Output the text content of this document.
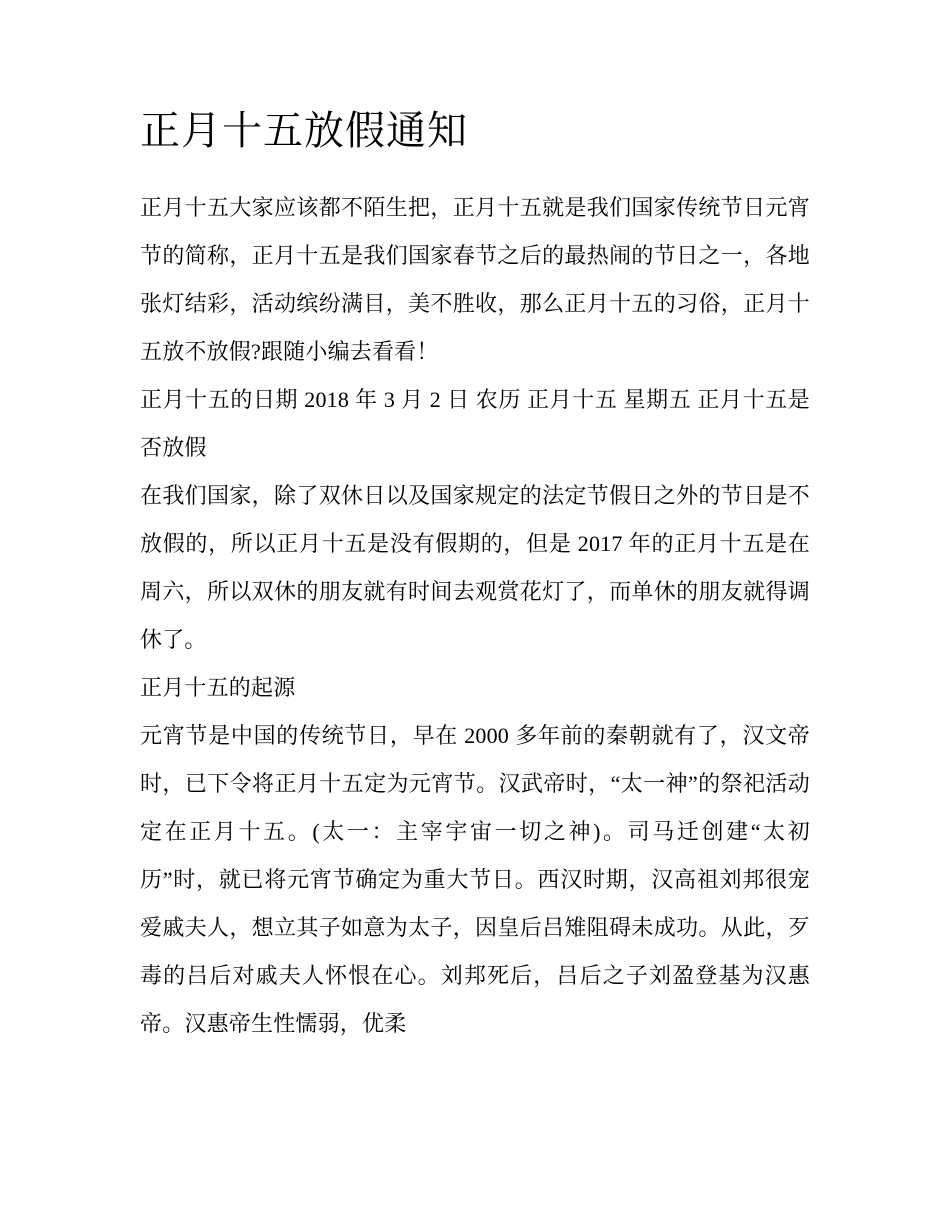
正月十五放假通知

正月十五大家应该都不陌生把，正月十五就是我们国家传统节日元宵节的简称，正月十五是我们国家春节之后的最热闹的节日之一，各地张灯结彩，活动缤纷满目，美不胜收，那么正月十五的习俗，正月十五放不放假?跟随小编去看看！

正月十五的日期 2018 年 3 月 2 日 农历 正月十五 星期五 正月十五是否放假

在我们国家，除了双休日以及国家规定的法定节假日之外的节日是不放假的，所以正月十五是没有假期的，但是 2017 年的正月十五是在周六，所以双休的朋友就有时间去观赏花灯了，而单休的朋友就得调休了。

正月十五的起源

元宵节是中国的传统节日，早在 2000 多年前的秦朝就有了，汉文帝时，已下令将正月十五定为元宵节。汉武帝时，“太一神”的祭祀活动定在正月十五。(太一：主宰宇宙一切之神)。司马迁创建“太初历”时，就已将元宵节确定为重大节日。西汉时期，汉高祖刘邦很宠爱戚夫人，想立其子如意为太子，因皇后吕雉阻碍未成功。从此，歹毒的吕后对戚夫人怀恨在心。刘邦死后，吕后之子刘盈登基为汉惠帝。汉惠帝生性懦弱，优柔
